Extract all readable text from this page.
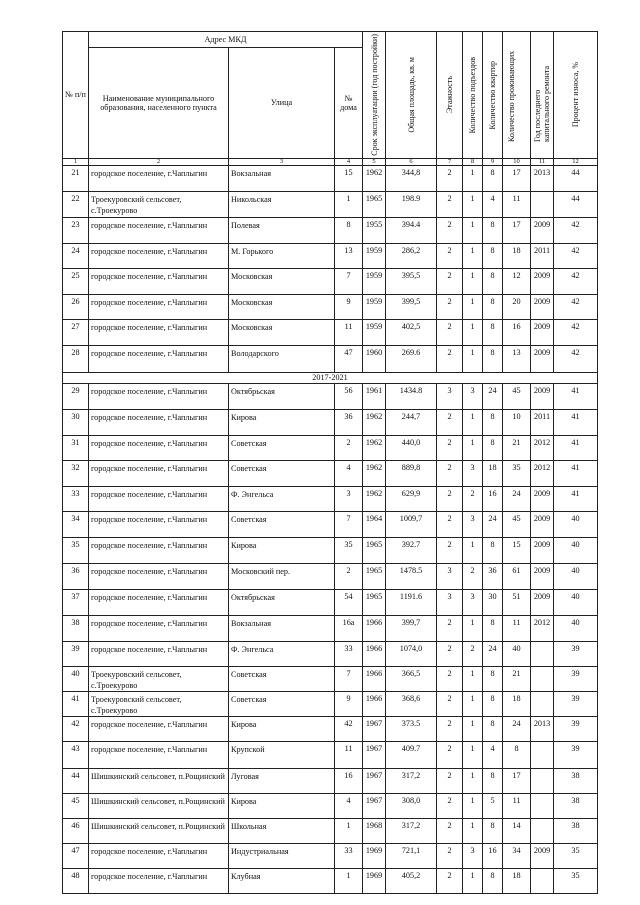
№ п/п	Адрес МКД			Срок эксплуатации (год постройки)	Общая площадь, кв. м	Этажность	Количество подъездов	Количество квартир	Количество проживающих	Год последнего капитального ремонта	Процент износа, %

	Наименование муниципального образования, населенного пункта	Улица	№ дома								
1	2	3	4	5	6	7	8	9	10	11	12
21	городское поселение, г.Чаплыгин	Вокзальная	15	1962	344,8	2	1	8	17	2013	44
22	Троекуровский сельсовет, с.Троекурово	Никольская	1	1965	198.9	2	1	4	11		44
23	городское поселение, г.Чаплыгин	Полевая	8	1955	394.4	2	1	8	17	2009	42
24	городское поселение, г.Чаплыгин	М. Горького	13	1959	286,2	2	1	8	18	2011	42
25	городское поселение, г.Чаплыгин	Московская	7	1959	395,5	2	1	8	12	2009	42
26	городское поселение, г.Чаплыгин	Московская	9	1959	399,5	2	1	8	20	2009	42
27	городское поселение, г.Чаплыгин	Московская	11	1959	402,5	2	1	8	16	2009	42
28	городское поселение, г.Чаплыгин	Володарского	47	1960	269.6	2	1	8	13	2009	42
2017-2021											
29	городское поселение, г.Чаплыгин	Октябрьская	56	1961	1434.8	3	3	24	45	2009	41
30	городское поселение, г.Чаплыгин	Кирова	36	1962	244,7	2	1	8	10	2011	41
31	городское поселение, г.Чаплыгин	Советская	2	1962	440,0	2	1	8	21	2012	41
32	городское поселение, г.Чаплыгин	Советская	4	1962	889,8	2	3	18	35	2012	41
33	городское поселение, г.Чаплыгин	Ф. Энгельса	3	1962	629,9	2	2	16	24	2009	41
34	городское поселение, г.Чаплыгин	Советская	7	1964	1009,7	2	3	24	45	2009	40
35	городское поселение, г.Чаплыгин	Кирова	35	1965	392.7	2	1	8	15	2009	40
36	городское поселение, г.Чаплыгин	Московский пер.	2	1965	1478.5	3	2	36	61	2009	40
37	городское поселение, г.Чаплыгин	Октябрьская	54	1965	1191.6	3	3	30	51	2009	40
38	городское поселение, г.Чаплыгин	Вокзальная	16а	1966	399,7	2	1	8	11	2012	40
39	городское поселение, г.Чаплыгин	Ф. Энгельса	33	1966	1074,0	2	2	24	40		39
40	Троекуровский сельсовет, с.Троекурово	Советская	7	1966	366,5	2	1	8	21		39
41	Троекуровский сельсовет, с.Троекурово	Советская	9	1966	368,6	2	1	8	18		39
42	городское поселение, г.Чаплыгин	Кирова	42	1967	373.5	2	1	8	24	2013	39
43	городское поселение, г.Чаплыгин	Крупской	11	1967	409.7	2	1	4	8		39
44	Шишкинский сельсовет, п.Рощинский	Луговая	16	1967	317,2	2	1	8	17		38
45	Шишкинский сельсовет, п.Рощинский	Кирова	4	1967	308,0	2	1	5	11		38
46	Шишкинский сельсовет, п.Рощинский	Школьная	1	1968	317,2	2	1	8	14		38
47	городское поселение, г.Чаплыгин	Индустриальная	33	1969	721,1	2	3	16	34	2009	35
48	городское поселение, г.Чаплыгин	Клубная	1	1969	405,2	2	1	8	18		35
